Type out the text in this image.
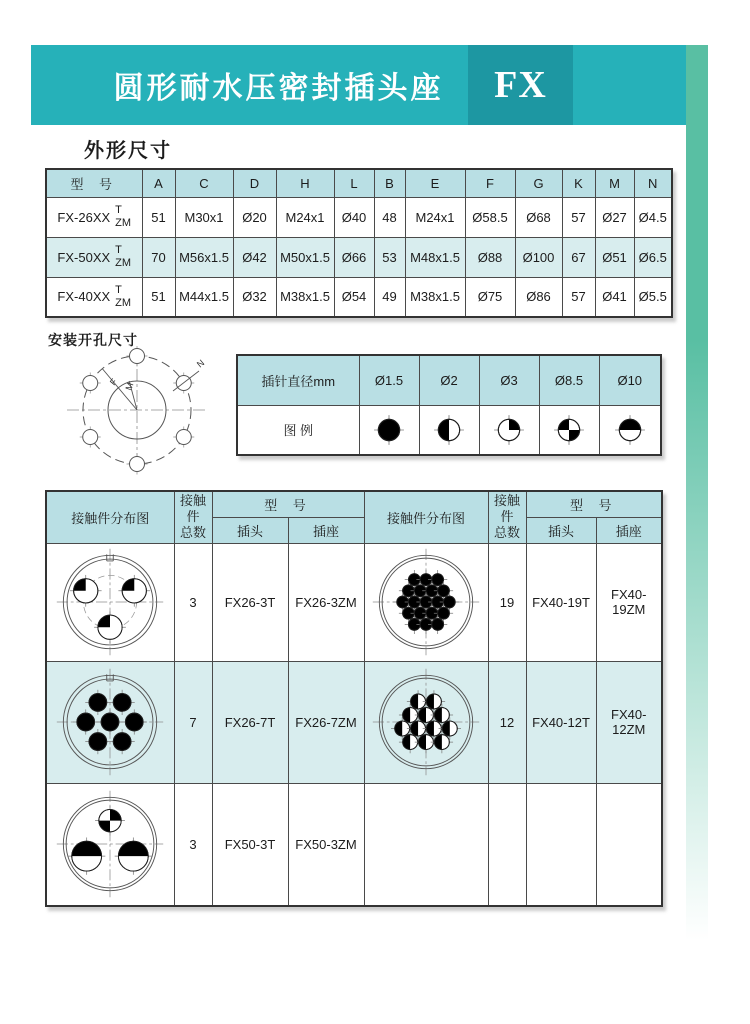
圆形耐水压密封插头座 FX
外形尺寸
型 号	A	C	D	H	L	B	E	F	G	K	M	N

FX-26XX T
ZM	51	M30x1	Ø20	M24x1	Ø40	48	M24x1	Ø58.5	Ø68	57	Ø27	Ø4.5

FX-50XX T
ZM	70	M56x1.5	Ø42	M50x1.5	Ø66	53	M48x1.5	Ø88	Ø100	67	Ø51	Ø6.5

FX-40XX T
ZM	51	M44x1.5	Ø32	M38x1.5	Ø54	49	M38x1.5	Ø75	Ø86	57	Ø41	Ø5.5
安装开孔尺寸
F M
N
插针直径mm	Ø1.5	Ø2	Ø3	Ø8.5	Ø10
图 例	

接触件分布图	
接触件
总数
	型 号	接触件分布图	
接触件
总数
	型 号
		插头	插座			插头	插座

	3	FX26-3T	FX26-3ZM		19	FX40-19T	FX40-19ZM

	7	FX26-7T	FX26-7ZM		12	FX40-12T	FX40-12ZM

	3	FX50-3T	FX50-3ZM				
